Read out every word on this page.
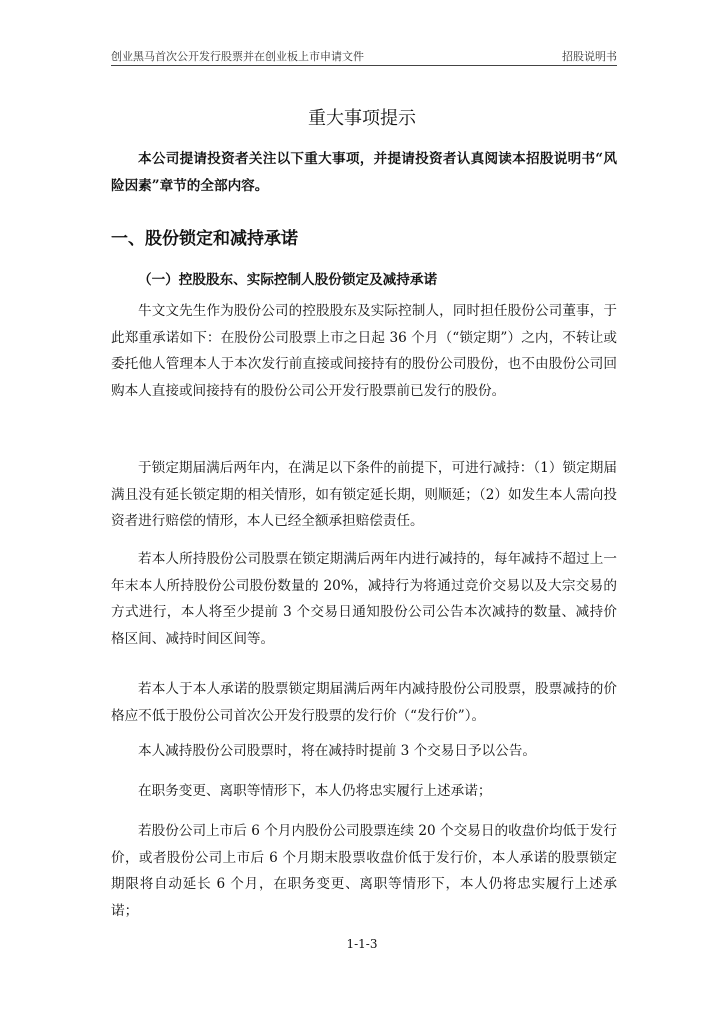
创业黑马首次公开发行股票并在创业板上市申请文件	招股说明书
重大事项提示

本公司提请投资者关注以下重大事项，并提请投资者认真阅读本招股说明书“风险因素”章节的全部内容。

一、股份锁定和减持承诺
（一）控股股东、实际控制人股份锁定及减持承诺

牛文文先生作为股份公司的控股股东及实际控制人，同时担任股份公司董事，于此郑重承诺如下：在股份公司股票上市之日起 36 个月（“锁定期”）之内，不转让或委托他人管理本人于本次发行前直接或间接持有的股份公司股份，也不由股份公司回购本人直接或间接持有的股份公司公开发行股票前已发行的股份。

于锁定期届满后两年内，在满足以下条件的前提下，可进行减持：（1）锁定期届满且没有延长锁定期的相关情形，如有锁定延长期，则顺延；（2）如发生本人需向投资者进行赔偿的情形，本人已经全额承担赔偿责任。

若本人所持股份公司股票在锁定期满后两年内进行减持的，每年减持不超过上一年末本人所持股份公司股份数量的 20%，减持行为将通过竞价交易以及大宗交易的方式进行，本人将至少提前 3 个交易日通知股份公司公告本次减持的数量、减持价格区间、减持时间区间等。

若本人于本人承诺的股票锁定期届满后两年内减持股份公司股票，股票减持的价格应不低于股份公司首次公开发行股票的发行价（“发行价”）。

本人减持股份公司股票时，将在减持时提前 3 个交易日予以公告。

在职务变更、离职等情形下，本人仍将忠实履行上述承诺；

若股份公司上市后 6 个月内股份公司股票连续 20 个交易日的收盘价均低于发行价，或者股份公司上市后 6 个月期末股票收盘价低于发行价，本人承诺的股票锁定期限将自动延长 6 个月，在职务变更、离职等情形下，本人仍将忠实履行上述承诺；

1-1-3
